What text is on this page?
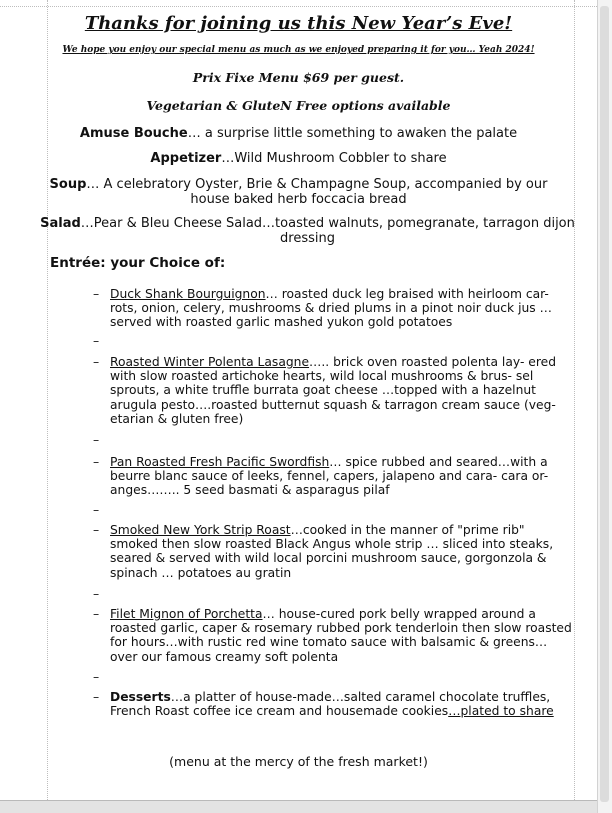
Thanks for joining us this New Year’s Eve!
We hope you enjoy our special menu as much as we enjoyed preparing it for you… Yeah 2024!
Prix Fixe Menu $69 per guest.
Vegetarian & GluteN Free options available
Amuse Bouche… a surprise little something to awaken the palate
Appetizer…Wild Mushroom Cobbler to share
Soup… A celebratory Oyster, Brie & Champagne Soup, accompanied by our
house baked herb foccacia bread
Salad…Pear & Bleu Cheese Salad…toasted walnuts, pomegranate, tarragon dijon
dressing
Entrée: your Choice of:
– Duck Shank Bourguignon… roasted duck leg braised with heirloom car- rots, onion, celery, mushrooms & dried plums in a pinot noir duck jus …served with roasted garlic mashed yukon gold potatoes
–
– Roasted Winter Polenta Lasagne….. brick oven roasted polenta lay- ered with slow roasted artichoke hearts, wild local mushrooms & brus- sel sprouts, a white truffle burrata goat cheese …topped with a hazelnut arugula pesto….roasted butternut squash & tarragon cream sauce (veg- etarian & gluten free)
–
– Pan Roasted Fresh Pacific Swordfish… spice rubbed and seared…with a beurre blanc sauce of leeks, fennel, capers, jalapeno and cara- cara or- anges…….. 5 seed basmati & asparagus pilaf
–
– Smoked New York Strip Roast…cooked in the manner of "prime rib" smoked then slow roasted Black Angus whole strip … sliced into steaks, seared & served with wild local porcini mushroom sauce, gorgonzola & spinach … potatoes au gratin
–
– Filet Mignon of Porchetta… house-cured pork belly wrapped around a roasted garlic, caper & rosemary rubbed pork tenderloin then slow roasted for hours…with rustic red wine tomato sauce with balsamic & greens… over our famous creamy soft polenta
–
– Desserts…a platter of house-made…salted caramel chocolate truffles, French Roast coffee ice cream and housemade cookies…plated to share
(menu at the mercy of the fresh market!)
